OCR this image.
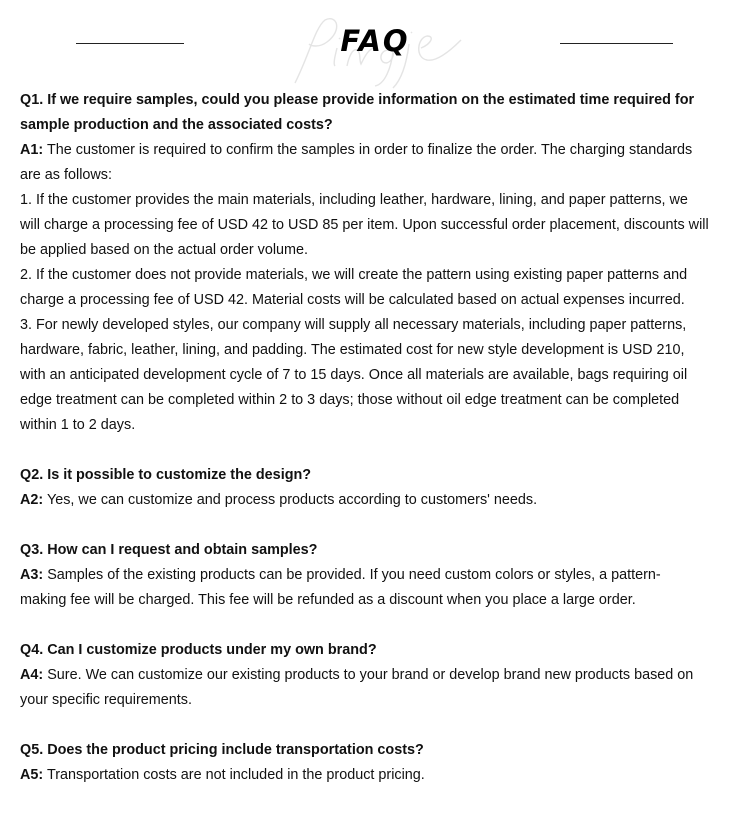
FAQ
Q1. If we require samples, could you please provide information on the estimated time required for sample production and the associated costs?
A1: The customer is required to confirm the samples in order to finalize the order. The charging standards
are as follows:
1. If the customer provides the main materials, including leather, hardware, lining, and paper patterns, we
will charge a processing fee of USD 42 to USD 85 per item. Upon successful order placement, discounts will
be applied based on the actual order volume.
2. If the customer does not provide materials, we will create the pattern using existing paper patterns and
charge a processing fee of USD 42. Material costs will be calculated based on actual expenses incurred.
3. For newly developed styles, our company will supply all necessary materials, including paper patterns,
hardware, fabric, leather, lining, and padding. The estimated cost for new style development is USD 210,
with an anticipated development cycle of 7 to 15 days. Once all materials are available, bags requiring oil
edge treatment can be completed within 2 to 3 days; those without oil edge treatment can be completed
within 1 to 2 days.
Q2. Is it possible to customize the design?
A2: Yes, we can customize and process products according to customers' needs.
Q3. How can I request and obtain samples?
A3: Samples of the existing products can be provided. If you need custom colors or styles, a pattern-
making fee will be charged. This fee will be refunded as a discount when you place a large order.
Q4. Can I customize products under my own brand?
A4: Sure. We can customize our existing products to your brand or develop brand new products based on
your specific requirements.
Q5. Does the product pricing include transportation costs?
A5: Transportation costs are not included in the product pricing.
